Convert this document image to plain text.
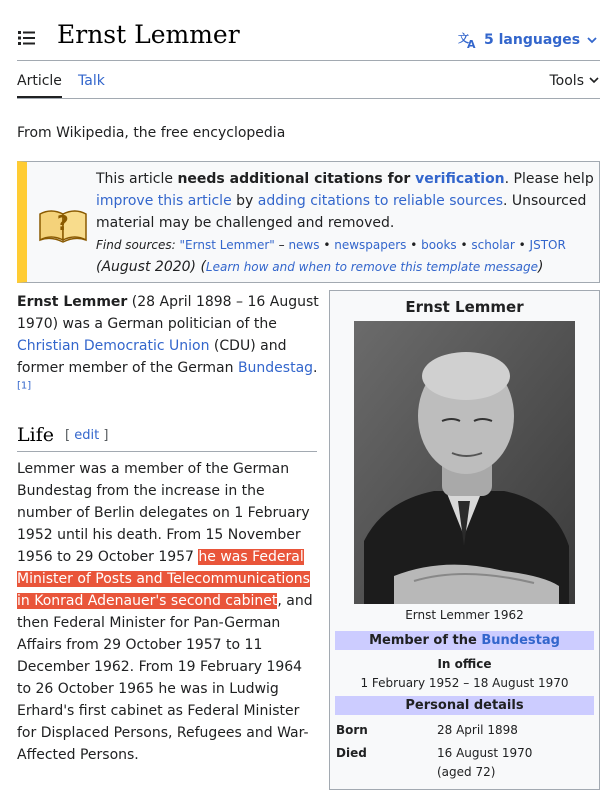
Ernst Lemmer	文
A 5 languages
Article Talk	Tools
From Wikipedia, the free encyclopedia
?
This article needs additional citations for verification. Please help improve this article by adding citations to reliable sources. Unsourced material may be challenged and removed.
Find sources: "Ernst Lemmer" – news • newspapers • books • scholar • JSTOR
(August 2020) (Learn how and when to remove this template message)
Ernst Lemmer (28 April 1898 – 16 August 1970) was a German politician of the Christian Democratic Union (CDU) and former member of the German Bundestag.[1]
Life [ edit ]
Lemmer was a member of the German Bundestag from the increase in the number of Berlin delegates on 1 February 1952 until his death. From 15 November 1956 to 29 October 1957 he was Federal Minister of Posts and Telecommunications in Konrad Adenauer's second cabinet, and then Federal Minister for Pan-German Affairs from 29 October 1957 to 11 December 1962. From 19 February 1964 to 26 October 1965 he was in Ludwig Erhard's first cabinet as Federal Minister for Displaced Persons, Refugees and War-Affected Persons.
Ernst Lemmer
Ernst Lemmer 1962
Member of the Bundestag
In office
1 February 1952 – 18 August 1970
Personal details
Born	28 April 1898
Died	16 August 1970
(aged 72)
